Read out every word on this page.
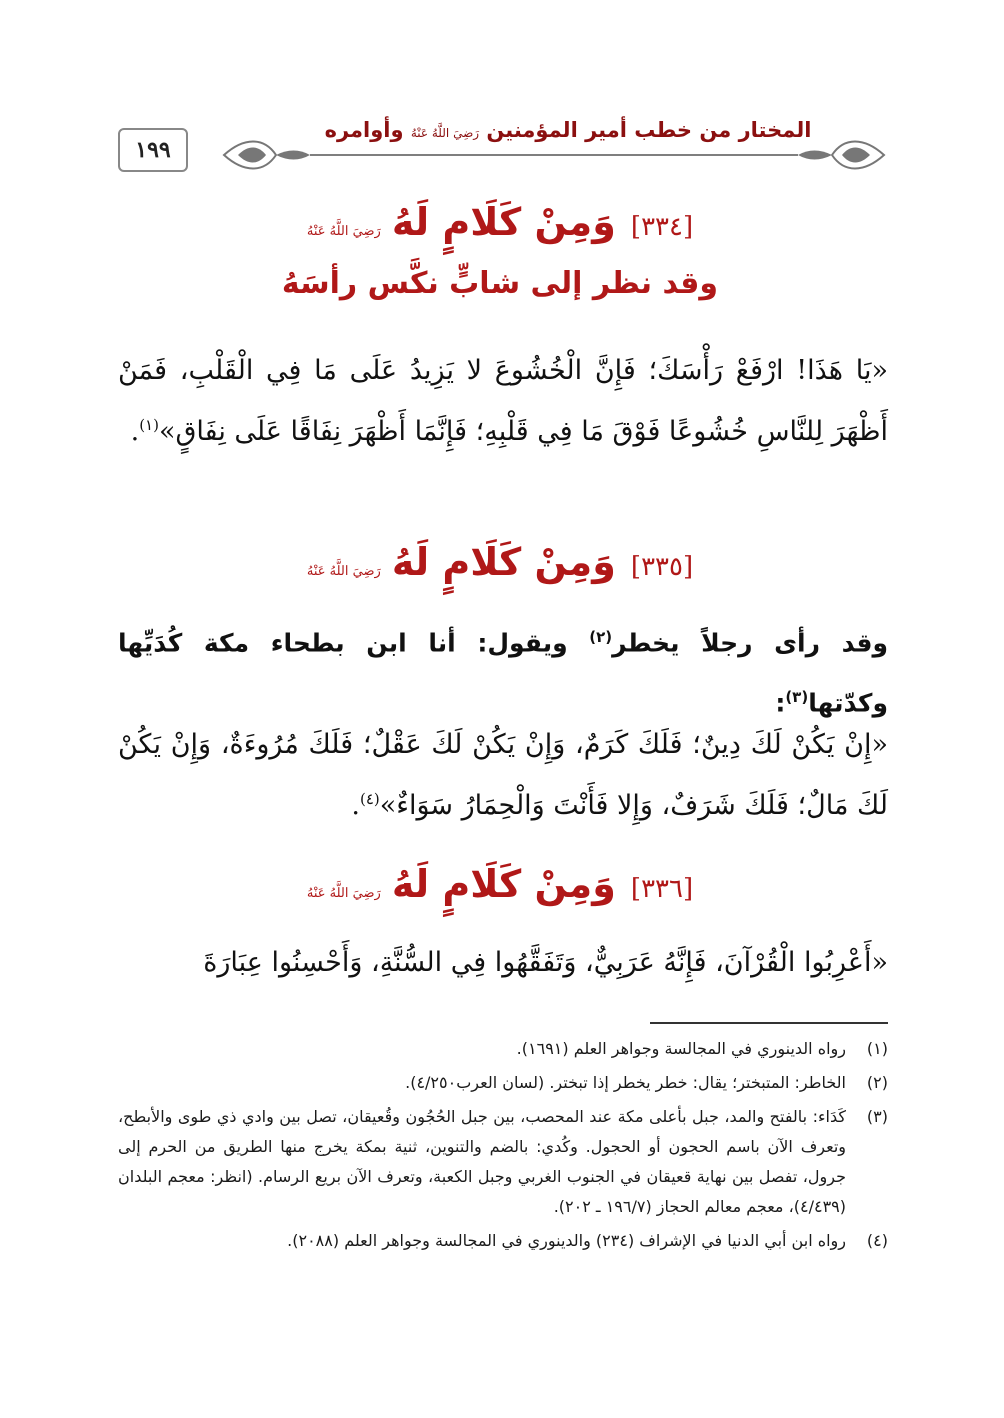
١٩٩
المختار من خطب أمير المؤمنين رَضِيَ اللَّهُ عَنْهُ وأوامره
[٣٣٤] وَمِنْ كَلَامٍ لَهُ رَضِيَ اللَّهُ عَنْهُ
وقد نظر إلى شابٍّ نكَّس رأسَهُ
«يَا هَذَا! ارْفَعْ رَأْسَكَ؛ فَإِنَّ الْخُشُوعَ لا يَزِيدُ عَلَى مَا فِي الْقَلْبِ، فَمَنْ أَظْهَرَ لِلنَّاسِ خُشُوعًا فَوْقَ مَا فِي قَلْبِهِ؛ فَإِنَّمَا أَظْهَرَ نِفَاقًا عَلَى نِفَاقٍ»$^{(١)}$.
[٣٣٥] وَمِنْ كَلَامٍ لَهُ رَضِيَ اللَّهُ عَنْهُ
وقد رأى رجلاً يخطر$^{(٢)}$ ويقول: أنا ابن بطحاء مكة كُدَيِّها وكدّتها$^{(٣)}$:
«إِنْ يَكُنْ لَكَ دِينٌ؛ فَلَكَ كَرَمٌ، وَإِنْ يَكُنْ لَكَ عَقْلٌ؛ فَلَكَ مُرُوءَةٌ، وَإِنْ يَكُنْ لَكَ مَالٌ؛ فَلَكَ شَرَفٌ، وَإِلا فَأَنْتَ وَالْحِمَارُ سَوَاءٌ»$^{(٤)}$.
[٣٣٦] وَمِنْ كَلَامٍ لَهُ رَضِيَ اللَّهُ عَنْهُ
«أَعْرِبُوا الْقُرْآنَ، فَإِنَّهُ عَرَبِيٌّ، وَتَفَقَّهُوا فِي السُّنَّةِ، وَأَحْسِنُوا عِبَارَةَ
(١)
رواه الدينوري في المجالسة وجواهر العلم (١٦٩١).
(٢)
الخاطر: المتبختر؛ يقال: خطر يخطر إذا تبختر. (لسان العرب٤/٢٥٠).
(٣)
كَدَاء: بالفتح والمد، جبل بأعلى مكة عند المحصب، بين جبل الحُجُون وقُعيقان، تصل بين وادي ذي طوى والأبطح، وتعرف الآن باسم الحجون أو الحجول. وكُدي: بالضم والتنوين، ثنية بمكة يخرج منها الطريق من الحرم إلى جرول، تفصل بين نهاية قعيقان في الجنوب الغربي وجبل الكعبة، وتعرف الآن بريع الرسام. (انظر: معجم البلدان (٤/٤٣٩)، معجم معالم الحجاز (١٩٦/٧ ـ ٢٠٢).
(٤)
رواه ابن أبي الدنيا في الإشراف (٢٣٤) والدينوري في المجالسة وجواهر العلم (٢٠٨٨).
